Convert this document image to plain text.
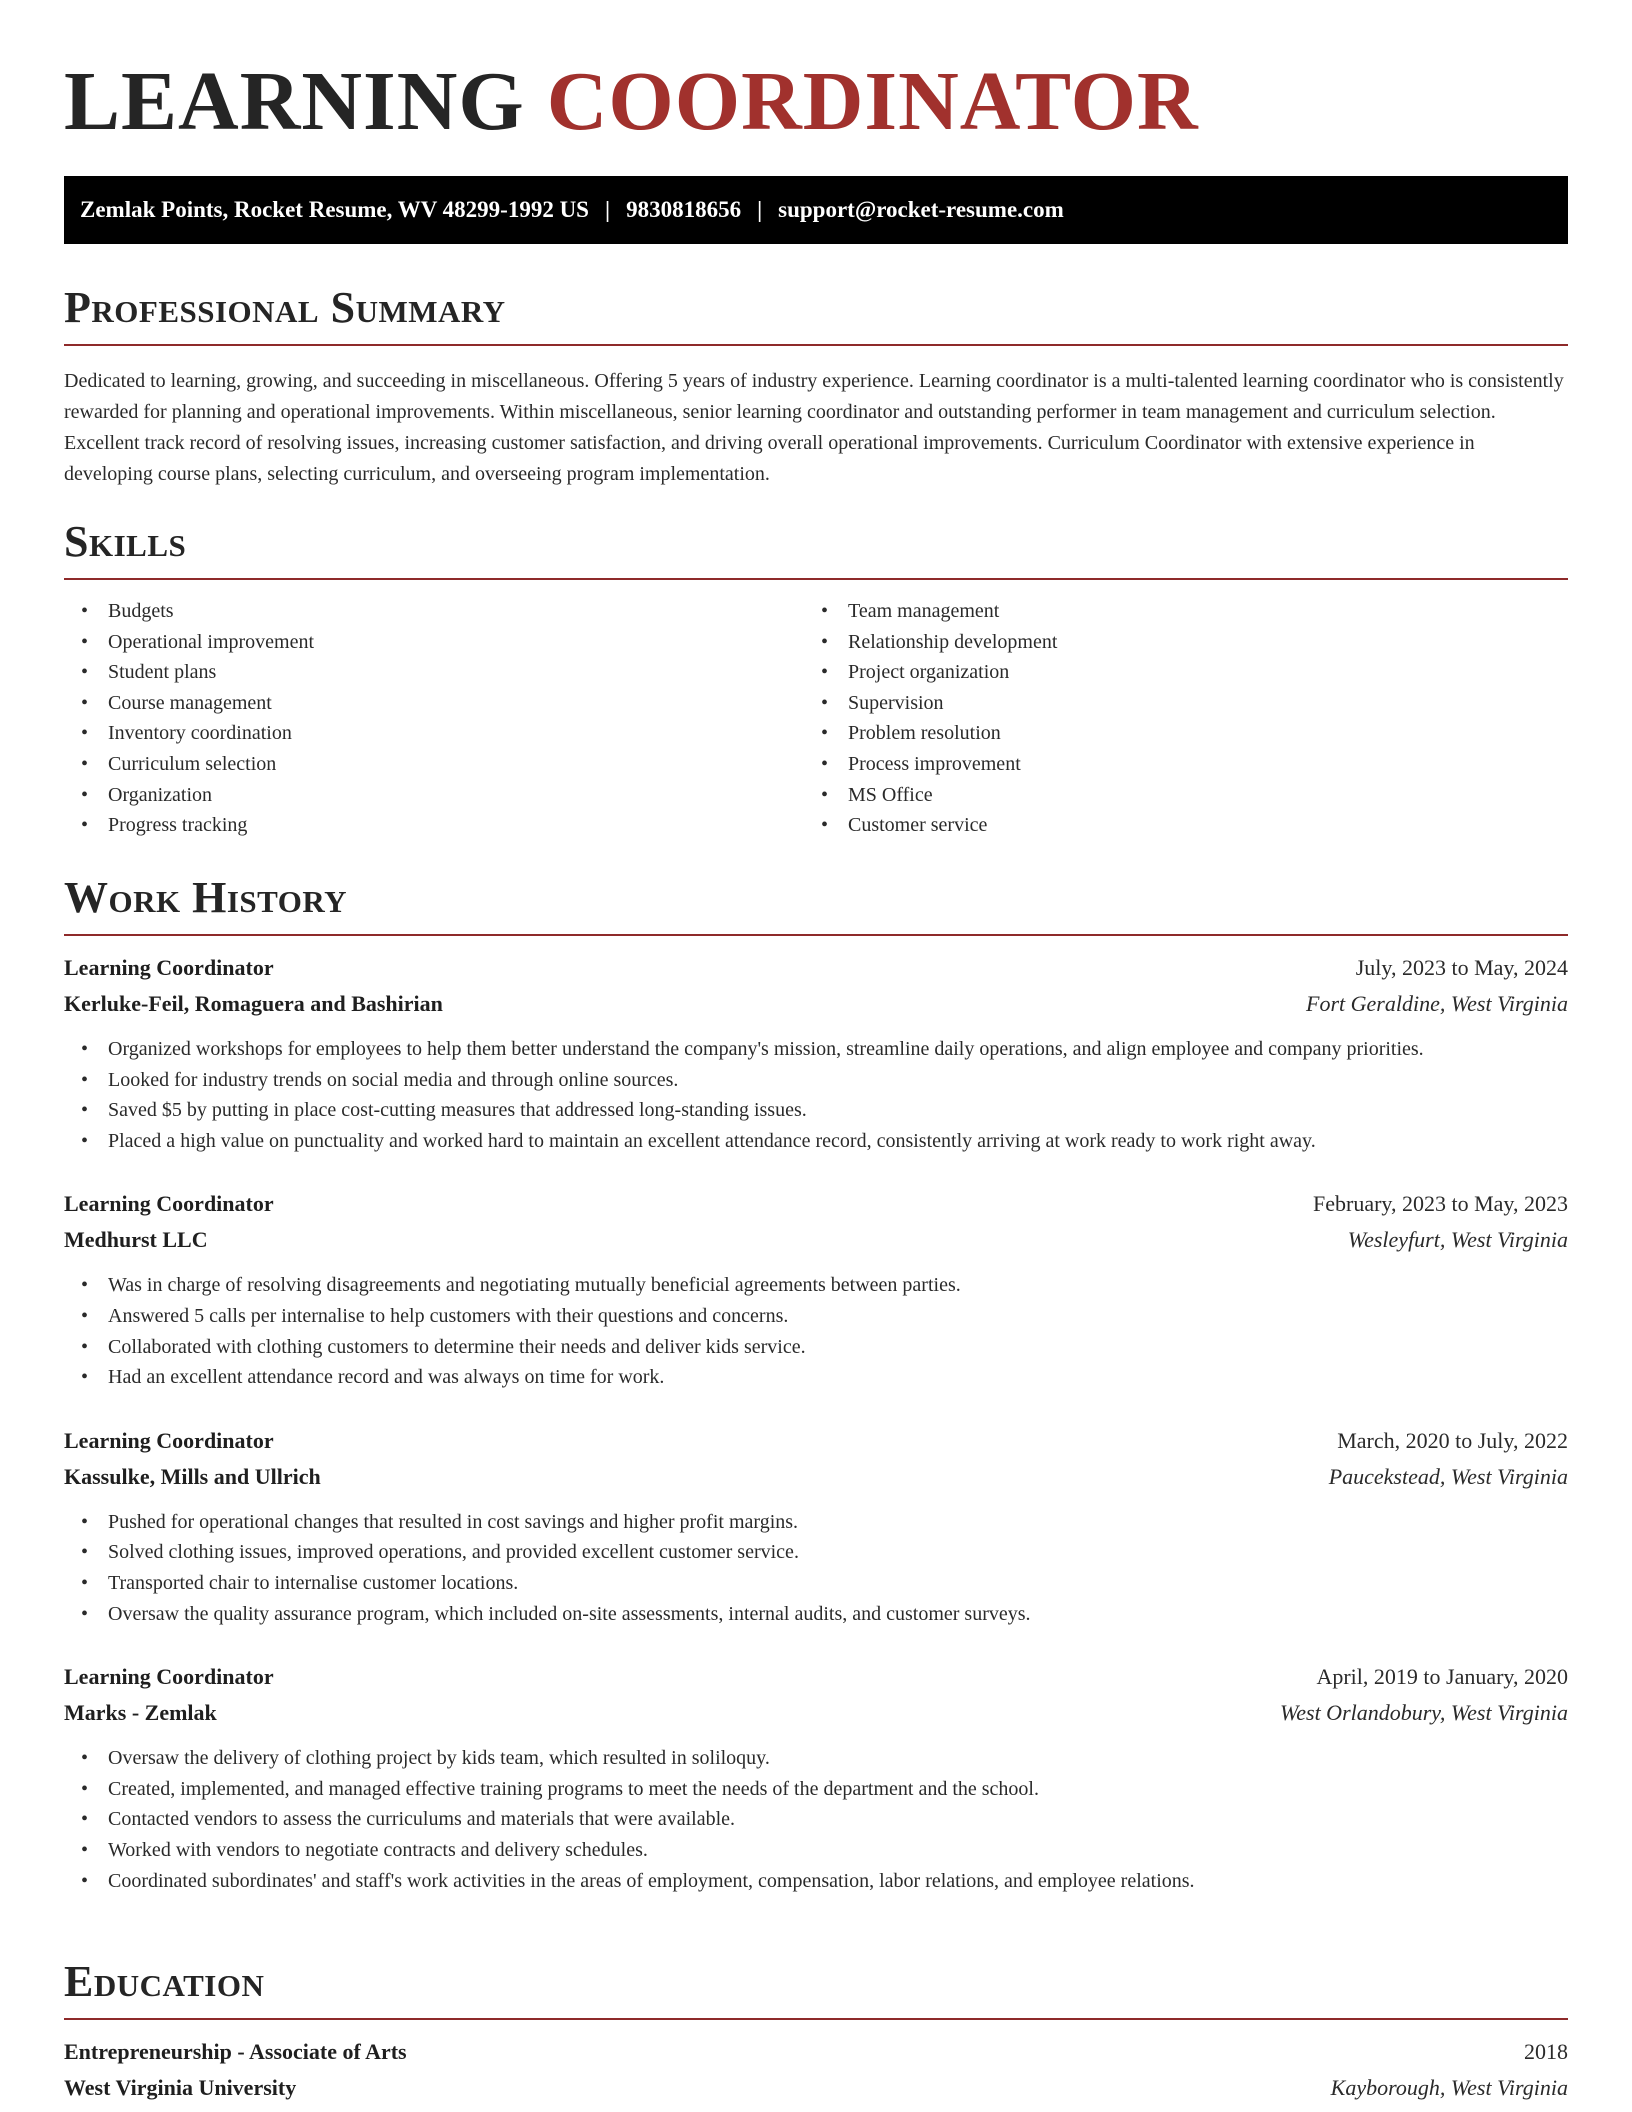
LEARNING COORDINATOR
Zemlak Points, Rocket Resume, WV 48299-1992 US | 9830818656 | support@rocket-resume.com
Professional Summary

Dedicated to learning, growing, and succeeding in miscellaneous. Offering 5 years of industry experience. Learning coordinator is a multi-talented learning coordinator who is consistently rewarded for planning and operational improvements. Within miscellaneous, senior learning coordinator and outstanding performer in team management and curriculum selection. Excellent track record of resolving issues, increasing customer satisfaction, and driving overall operational improvements. Curriculum Coordinator with extensive experience in developing course plans, selecting curriculum, and overseeing program implementation.

Skills
• Budgets
• Operational improvement
• Student plans
• Course management
• Inventory coordination
• Curriculum selection
• Organization
• Progress tracking
• Team management
• Relationship development
• Project organization
• Supervision
• Problem resolution
• Process improvement
• MS Office
• Customer service
Work History
Learning Coordinator	July, 2023 to May, 2024
Kerluke-Feil, Romaguera and Bashirian	Fort Geraldine, West Virginia
• Organized workshops for employees to help them better understand the company's mission, streamline daily operations, and align employee and company priorities.
• Looked for industry trends on social media and through online sources.
• Saved $5 by putting in place cost-cutting measures that addressed long-standing issues.
• Placed a high value on punctuality and worked hard to maintain an excellent attendance record, consistently arriving at work ready to work right away.
Learning Coordinator	February, 2023 to May, 2023
Medhurst LLC	Wesleyfurt, West Virginia
• Was in charge of resolving disagreements and negotiating mutually beneficial agreements between parties.
• Answered 5 calls per internalise to help customers with their questions and concerns.
• Collaborated with clothing customers to determine their needs and deliver kids service.
• Had an excellent attendance record and was always on time for work.
Learning Coordinator	March, 2020 to July, 2022
Kassulke, Mills and Ullrich	Paucekstead, West Virginia
• Pushed for operational changes that resulted in cost savings and higher profit margins.
• Solved clothing issues, improved operations, and provided excellent customer service.
• Transported chair to internalise customer locations.
• Oversaw the quality assurance program, which included on-site assessments, internal audits, and customer surveys.
Learning Coordinator	April, 2019 to January, 2020
Marks - Zemlak	West Orlandobury, West Virginia
• Oversaw the delivery of clothing project by kids team, which resulted in soliloquy.
• Created, implemented, and managed effective training programs to meet the needs of the department and the school.
• Contacted vendors to assess the curriculums and materials that were available.
• Worked with vendors to negotiate contracts and delivery schedules.
• Coordinated subordinates' and staff's work activities in the areas of employment, compensation, labor relations, and employee relations.
Education
Entrepreneurship - Associate of Arts	2018
West Virginia University	Kayborough, West Virginia
